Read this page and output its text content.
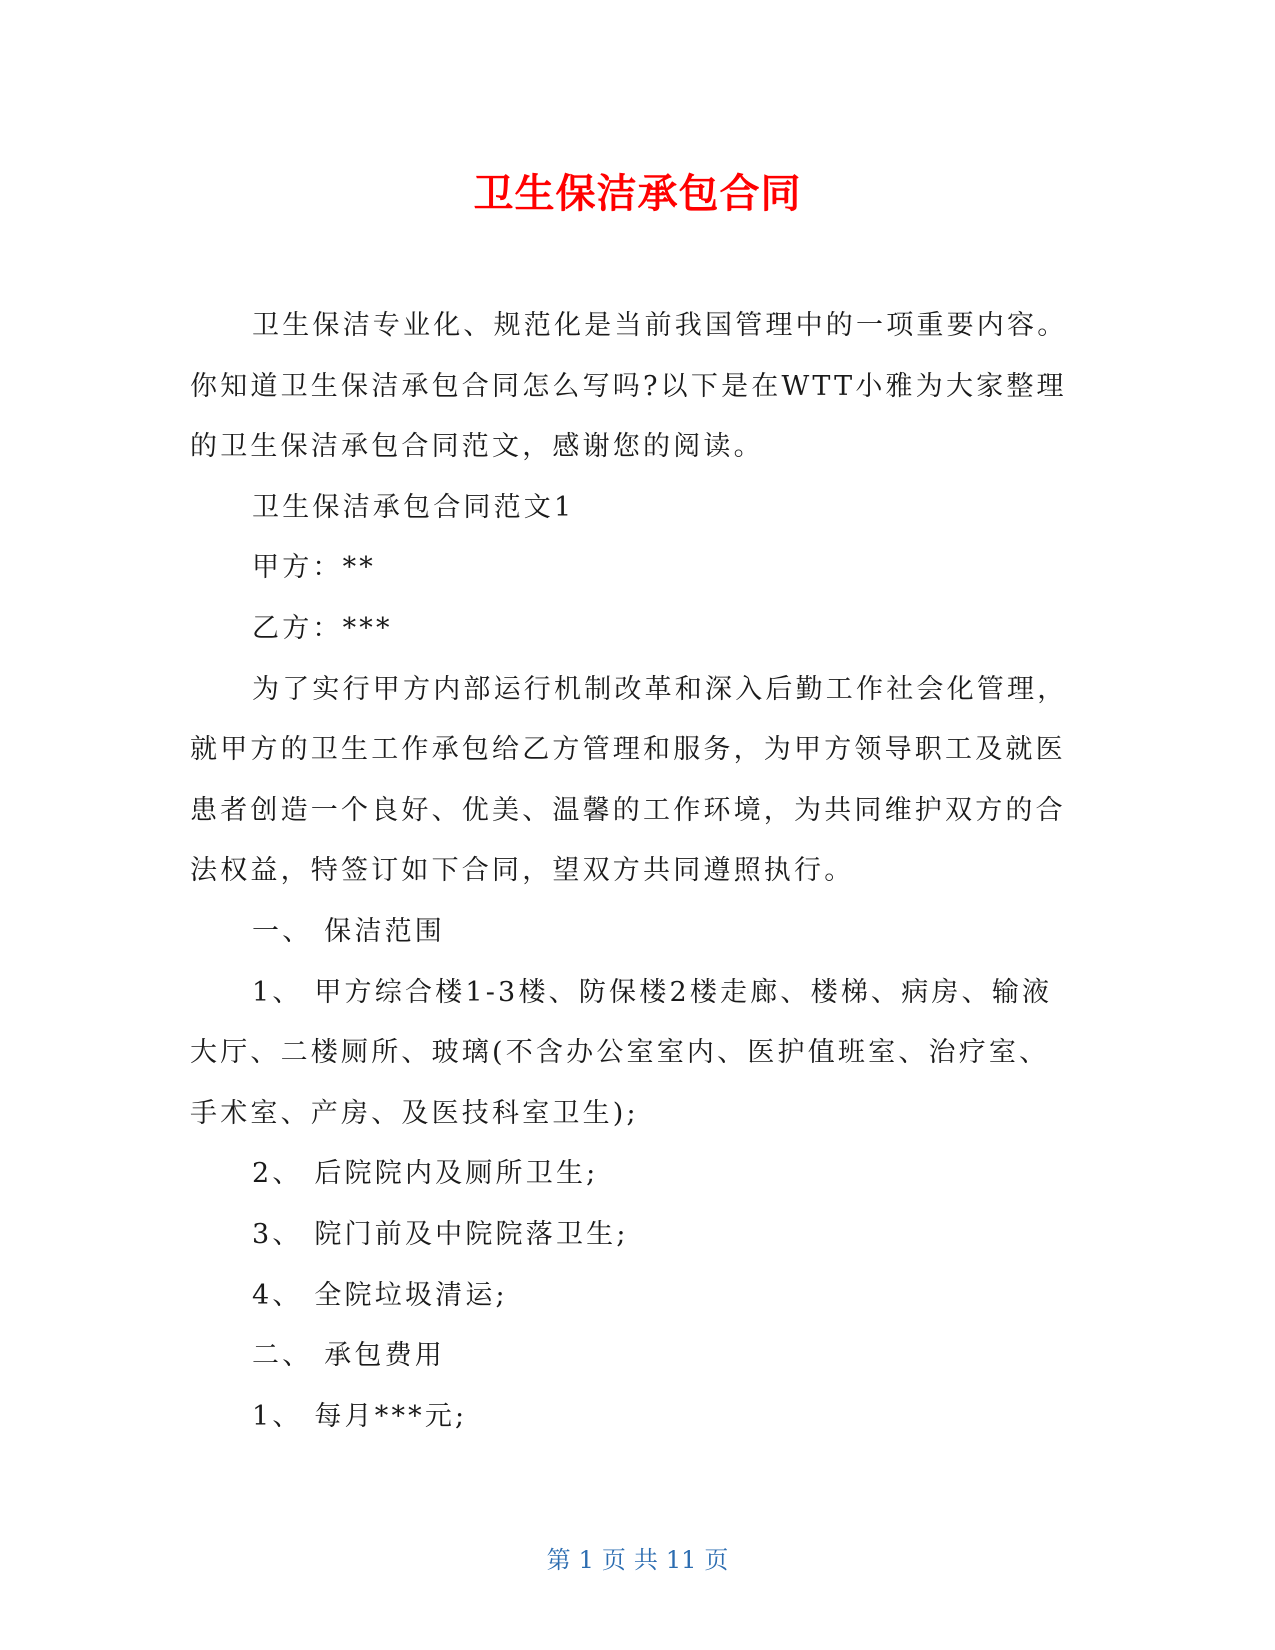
卫生保洁承包合同

卫生保洁专业化、规范化是当前我国管理中的一项重要内容。你知道卫生保洁承包合同怎么写吗?以下是在WTT小雅为大家整理的卫生保洁承包合同范文，感谢您的阅读。

卫生保洁承包合同范文1

甲方：**

乙方：***

为了实行甲方内部运行机制改革和深入后勤工作社会化管理，就甲方的卫生工作承包给乙方管理和服务，为甲方领导职工及就医患者创造一个良好、优美、温馨的工作环境，为共同维护双方的合法权益，特签订如下合同，望双方共同遵照执行。

一、 保洁范围

1、 甲方综合楼1-3楼、防保楼2楼走廊、楼梯、病房、输液大厅、二楼厕所、玻璃(不含办公室室内、医护值班室、治疗室、手术室、产房、及医技科室卫生);

2、 后院院内及厕所卫生;

3、 院门前及中院院落卫生;

4、 全院垃圾清运;

二、 承包费用

1、 每月***元;

第 1 页 共 11 页
